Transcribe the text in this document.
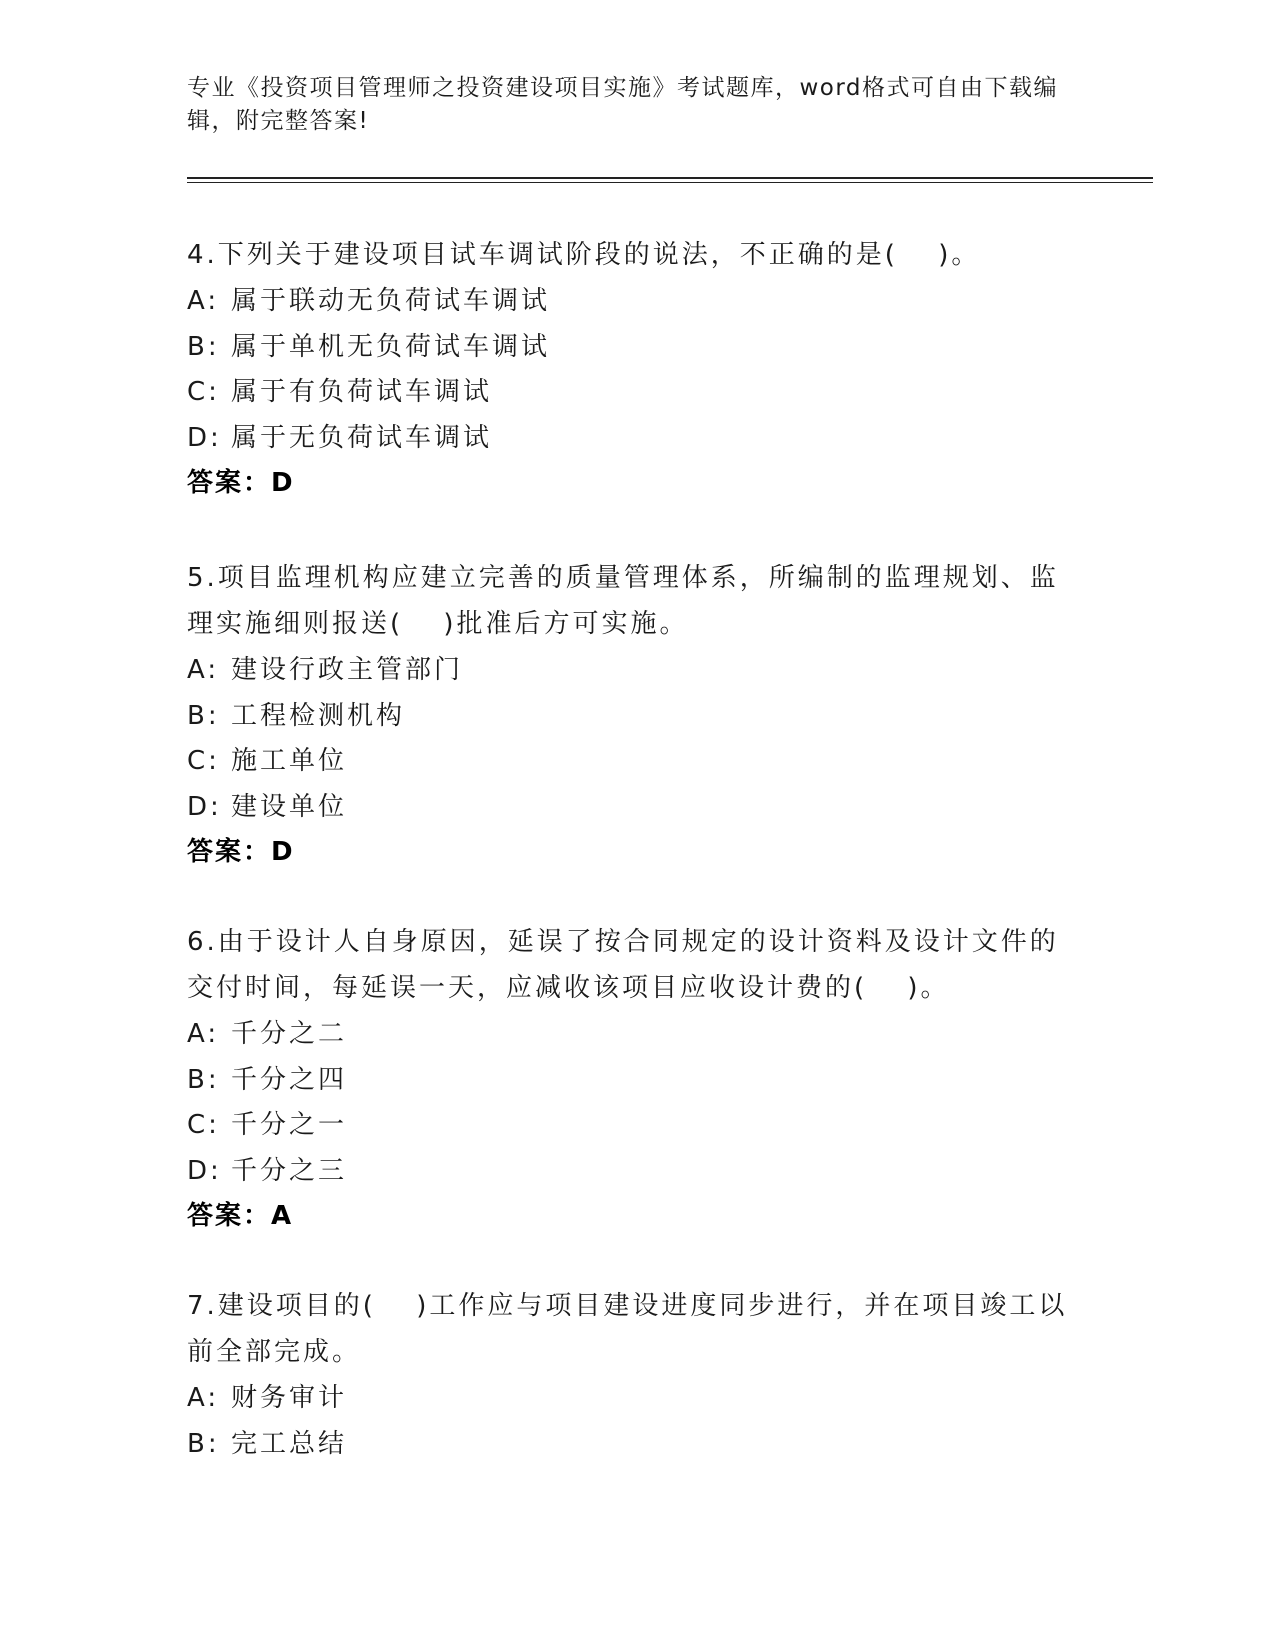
专业《投资项目管理师之投资建设项目实施》考试题库，word格式可自由下载编辑，附完整答案!
4.下列关于建设项目试车调试阶段的说法，不正确的是(　 )。
A: 属于联动无负荷试车调试
B: 属于单机无负荷试车调试
C: 属于有负荷试车调试
D: 属于无负荷试车调试
答案：D
5.项目监理机构应建立完善的质量管理体系，所编制的监理规划、监理实施细则报送(　 )批准后方可实施。
A: 建设行政主管部门
B: 工程检测机构
C: 施工单位
D: 建设单位
答案：D
6.由于设计人自身原因，延误了按合同规定的设计资料及设计文件的交付时间，每延误一天，应减收该项目应收设计费的(　 )。
A: 千分之二
B: 千分之四
C: 千分之一
D: 千分之三
答案：A
7.建设项目的(　 )工作应与项目建设进度同步进行，并在项目竣工以前全部完成。
A: 财务审计
B: 完工总结
